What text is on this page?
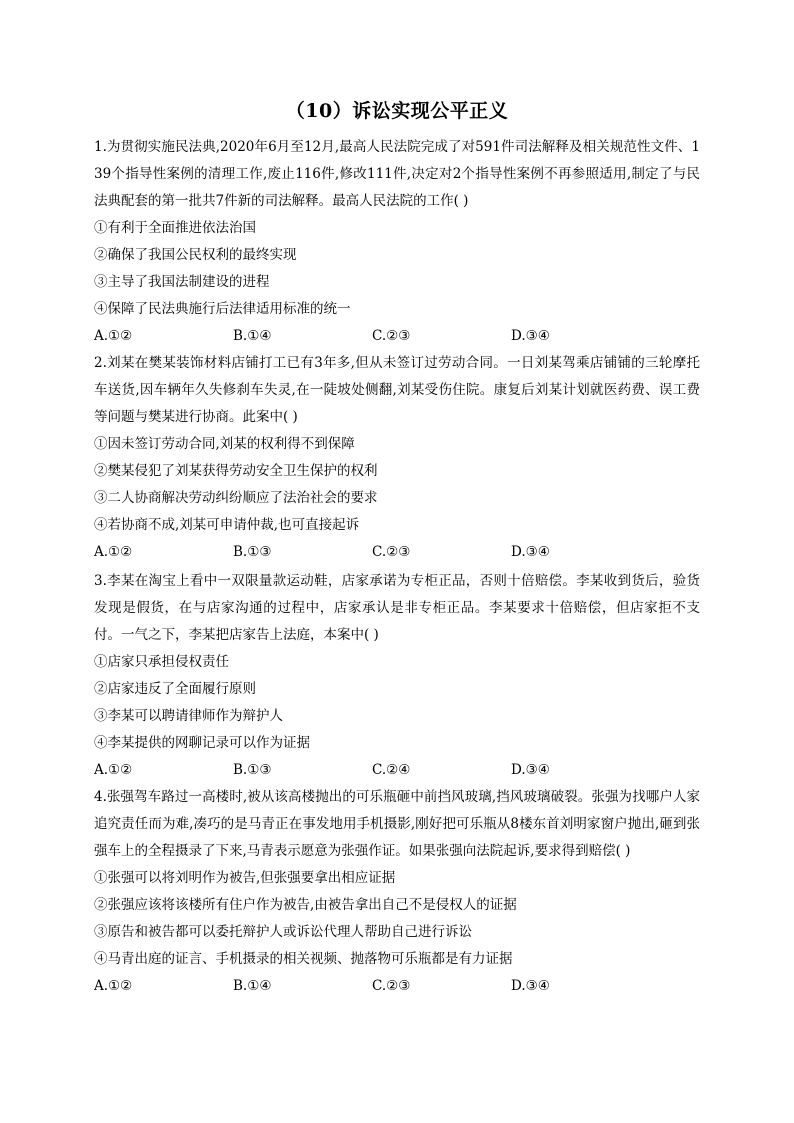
（10）诉讼实现公平正义

1.为贯彻实施民法典,2020年6月至12月,最高人民法院完成了对591件司法解释及相关规范性文件、139个指导性案例的清理工作,废止116件,修改111件,决定对2个指导性案例不再参照适用,制定了与民法典配套的第一批共7件新的司法解释。最高人民法院的工作( )

①有利于全面推进依法治国

②确保了我国公民权利的最终实现

③主导了我国法制建设的进程

④保障了民法典施行后法律适用标准的统一

A.①②	B.①④	C.②③	D.③④

2.刘某在樊某装饰材料店铺打工已有3年多,但从未签订过劳动合同。一日刘某驾乘店铺铺的三轮摩托车送货,因车辆年久失修刹车失灵,在一陡坡处侧翻,刘某受伤住院。康复后刘某计划就医药费、误工费等问题与樊某进行协商。此案中( )

①因未签订劳动合同,刘某的权利得不到保障

②樊某侵犯了刘某获得劳动安全卫生保护的权利

③二人协商解决劳动纠纷顺应了法治社会的要求

④若协商不成,刘某可申请仲裁,也可直接起诉

A.①②	B.①③	C.②③	D.③④

3.李某在淘宝上看中一双限量款运动鞋，店家承诺为专柜正品，否则十倍赔偿。李某收到货后，验货发现是假货，在与店家沟通的过程中，店家承认是非专柜正品。李某要求十倍赔偿，但店家拒不支付。一气之下，李某把店家告上法庭，本案中( )

①店家只承担侵权责任

②店家违反了全面履行原则

③李某可以聘请律师作为辩护人

④李某提供的网聊记录可以作为证据

A.①②	B.①③	C.②④	D.③④

4.张强驾车路过一高楼时,被从该高楼抛出的可乐瓶砸中前挡风玻璃,挡风玻璃破裂。张强为找哪户人家追究责任而为难,凑巧的是马青正在事发地用手机摄影,刚好把可乐瓶从8楼东首刘明家窗户抛出,砸到张强车上的全程摄录了下来,马青表示愿意为张强作证。如果张强向法院起诉,要求得到赔偿( )

①张强可以将刘明作为被告,但张强要拿出相应证据

②张强应该将该楼所有住户作为被告,由被告拿出自己不是侵权人的证据

③原告和被告都可以委托辩护人或诉讼代理人帮助自己进行诉讼

④马青出庭的证言、手机摄录的相关视频、抛落物可乐瓶都是有力证据

A.①②	B.①④	C.②③	D.③④
